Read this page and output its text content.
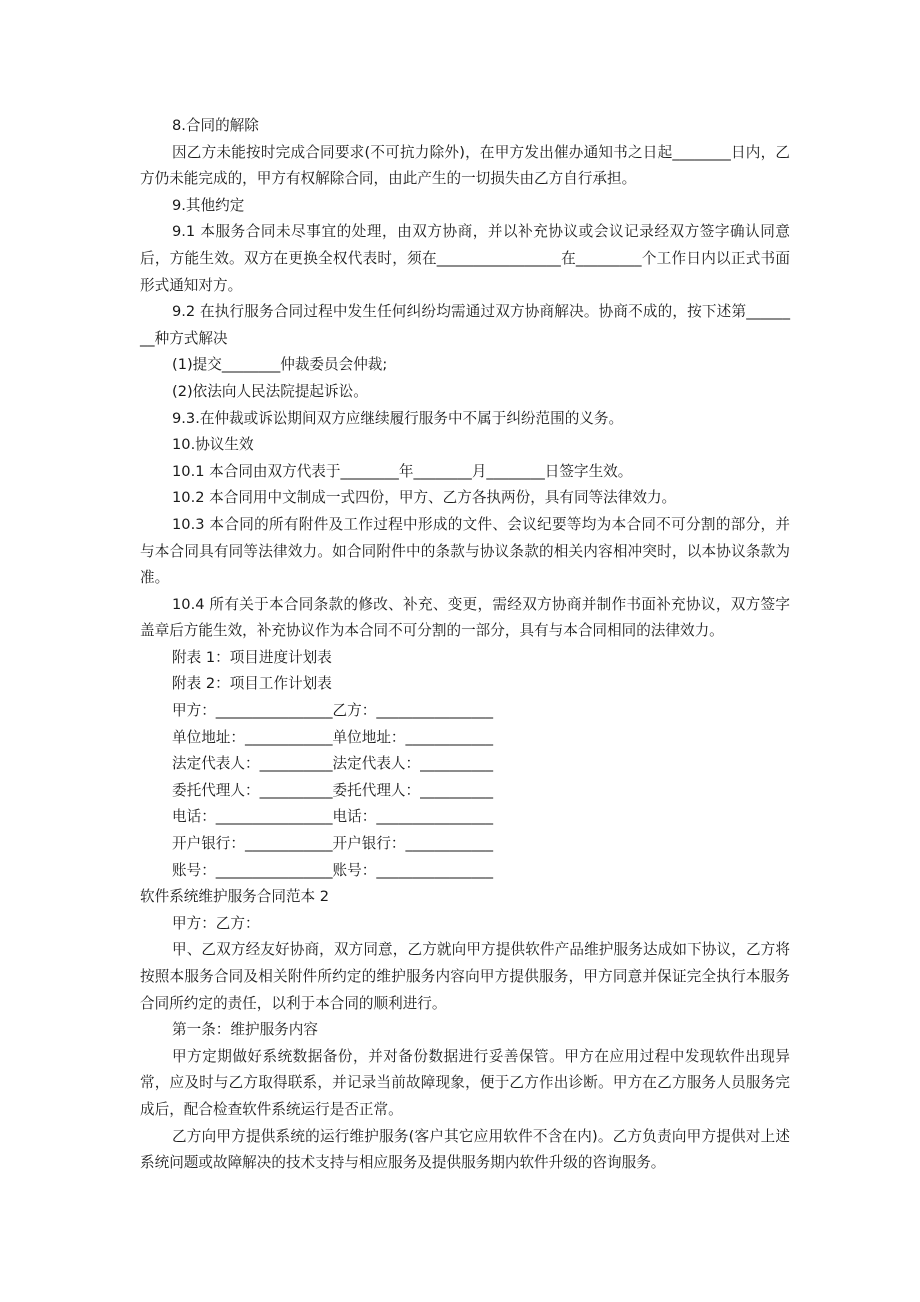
8.合同的解除

因乙方未能按时完成合同要求(不可抗力除外)，在甲方发出催办通知书之日起________日内，乙方仍未能完成的，甲方有权解除合同，由此产生的一切损失由乙方自行承担。

9.其他约定

9.1 本服务合同未尽事宜的处理，由双方协商，并以补充协议或会议记录经双方签字确认同意后，方能生效。双方在更换全权代表时，须在_________________在_________个工作日内以正式书面形式通知对方。

9.2 在执行服务合同过程中发生任何纠纷均需通过双方协商解决。协商不成的，按下述第________种方式解决

(1)提交________仲裁委员会仲裁;

(2)依法向人民法院提起诉讼。

9.3.在仲裁或诉讼期间双方应继续履行服务中不属于纠纷范围的义务。

10.协议生效

10.1 本合同由双方代表于________年________月________日签字生效。

10.2 本合同用中文制成一式四份，甲方、乙方各执两份，具有同等法律效力。

10.3 本合同的所有附件及工作过程中形成的文件、会议纪要等均为本合同不可分割的部分，并与本合同具有同等法律效力。如合同附件中的条款与协议条款的相关内容相冲突时，以本协议条款为准。

10.4 所有关于本合同条款的修改、补充、变更，需经双方协商并制作书面补充协议，双方签字盖章后方能生效，补充协议作为本合同不可分割的一部分，具有与本合同相同的法律效力。

附表 1：项目进度计划表

附表 2：项目工作计划表

甲方：________________乙方：________________

单位地址：____________单位地址：____________

法定代表人：__________法定代表人：__________

委托代理人：__________委托代理人：__________

电话：________________电话：________________

开户银行：____________开户银行：____________

账号：________________账号：________________

软件系统维护服务合同范本 2

甲方：乙方：

甲、乙双方经友好协商，双方同意，乙方就向甲方提供软件产品维护服务达成如下协议，乙方将按照本服务合同及相关附件所约定的维护服务内容向甲方提供服务，甲方同意并保证完全执行本服务合同所约定的责任，以利于本合同的顺利进行。

第一条：维护服务内容

甲方定期做好系统数据备份，并对备份数据进行妥善保管。甲方在应用过程中发现软件出现异常，应及时与乙方取得联系，并记录当前故障现象，便于乙方作出诊断。甲方在乙方服务人员服务完成后，配合检查软件系统运行是否正常。

乙方向甲方提供系统的运行维护服务(客户其它应用软件不含在内)。乙方负责向甲方提供对上述系统问题或故障解决的技术支持与相应服务及提供服务期内软件升级的咨询服务。
